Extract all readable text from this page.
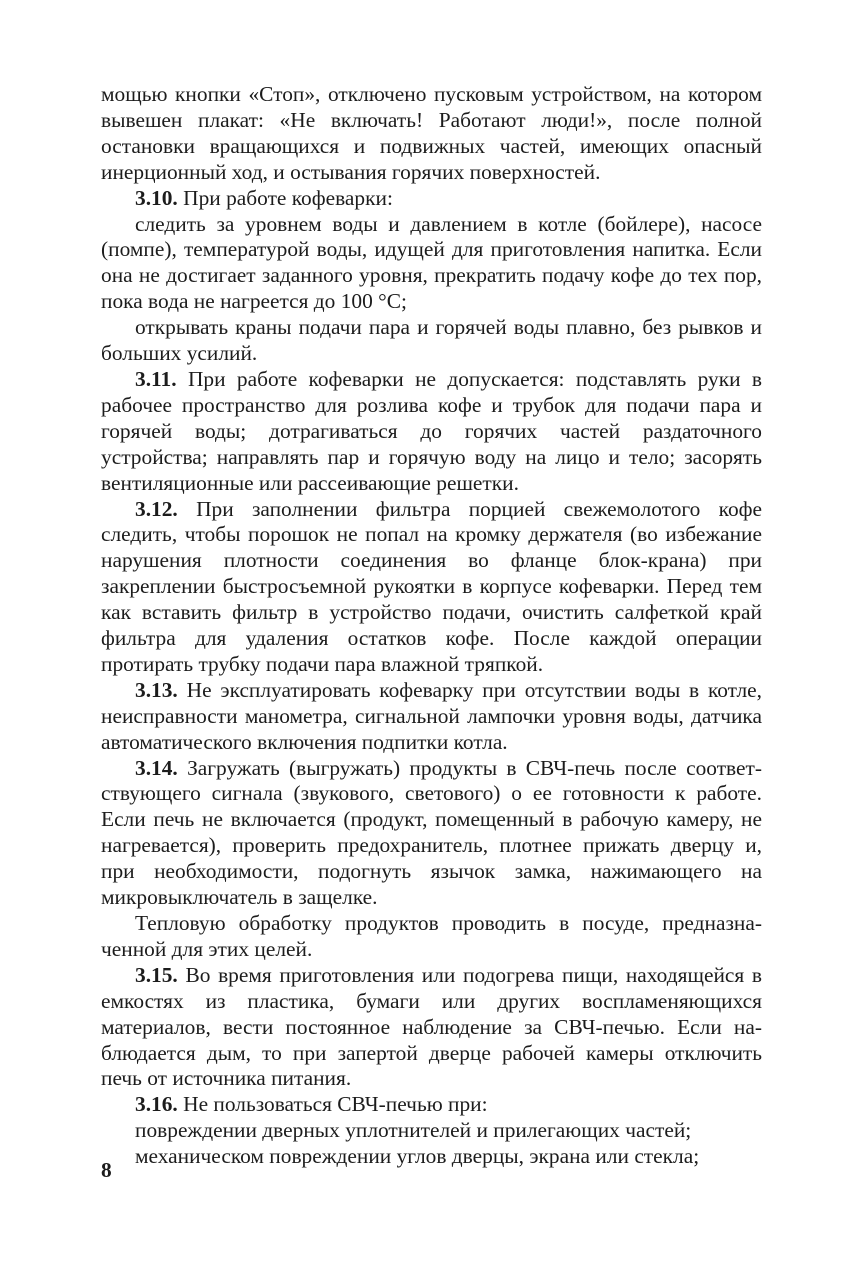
мощью кнопки «Стоп», отключено пусковым устройством, на котором вывешен плакат: «Не включать! Работают люди!», после полной остановки вращающихся и подвижных частей, имеющих опасный инерционный ход, и остывания горячих поверхностей.

3.10. При работе кофеварки:

следить за уровнем воды и давлением в котле (бойлере), насосе (помпе), температурой воды, идущей для приготовления напитка. Если она не достигает заданного уровня, прекратить подачу кофе до тех пор, пока вода не нагреется до 100 °С;

открывать краны подачи пара и горячей воды плавно, без рывков и больших усилий.

3.11. При работе кофеварки не допускается: подставлять руки в рабочее пространство для розлива кофе и трубок для подачи пара и горячей воды; дотрагиваться до горячих частей раздаточного устройства; направлять пар и горячую воду на лицо и тело; засорять вентиляционные или рассеивающие решетки.

3.12. При заполнении фильтра порцией свежемолотого кофе следить, чтобы порошок не попал на кромку держателя (во избежание нарушения плотности соединения во фланце блок-крана) при закреплении быстросъемной рукоятки в корпусе кофеварки. Перед тем как вставить фильтр в устройство подачи, очистить салфеткой край фильтра для удаления остатков кофе. После каждой операции протирать трубку подачи пара влажной тряпкой.

3.13. Не эксплуатировать кофеварку при отсутствии воды в котле, неисправности манометра, сигнальной лампочки уровня воды, датчика автоматического включения подпитки котла.

3.14. Загружать (выгружать) продукты в СВЧ-печь после соответствующего сигнала (звукового, светового) о ее готовности к работе. Если печь не включается (продукт, помещенный в рабочую камеру, не нагревается), проверить предохранитель, плотнее прижать дверцу и, при необходимости, подогнуть язычок замка, нажимающего на микровыключатель в защелке.

Тепловую обработку продуктов проводить в посуде, предназначенной для этих целей.

3.15. Во время приготовления или подогрева пищи, находящейся в емкостях из пластика, бумаги или других воспламеняющихся материалов, вести постоянное наблюдение за СВЧ-печью. Если наблюдается дым, то при запертой дверце рабочей камеры отключить печь от источника питания.

3.16. Не пользоваться СВЧ-печью при:

повреждении дверных уплотнителей и прилегающих частей;

механическом повреждении углов дверцы, экрана или стекла;

8
